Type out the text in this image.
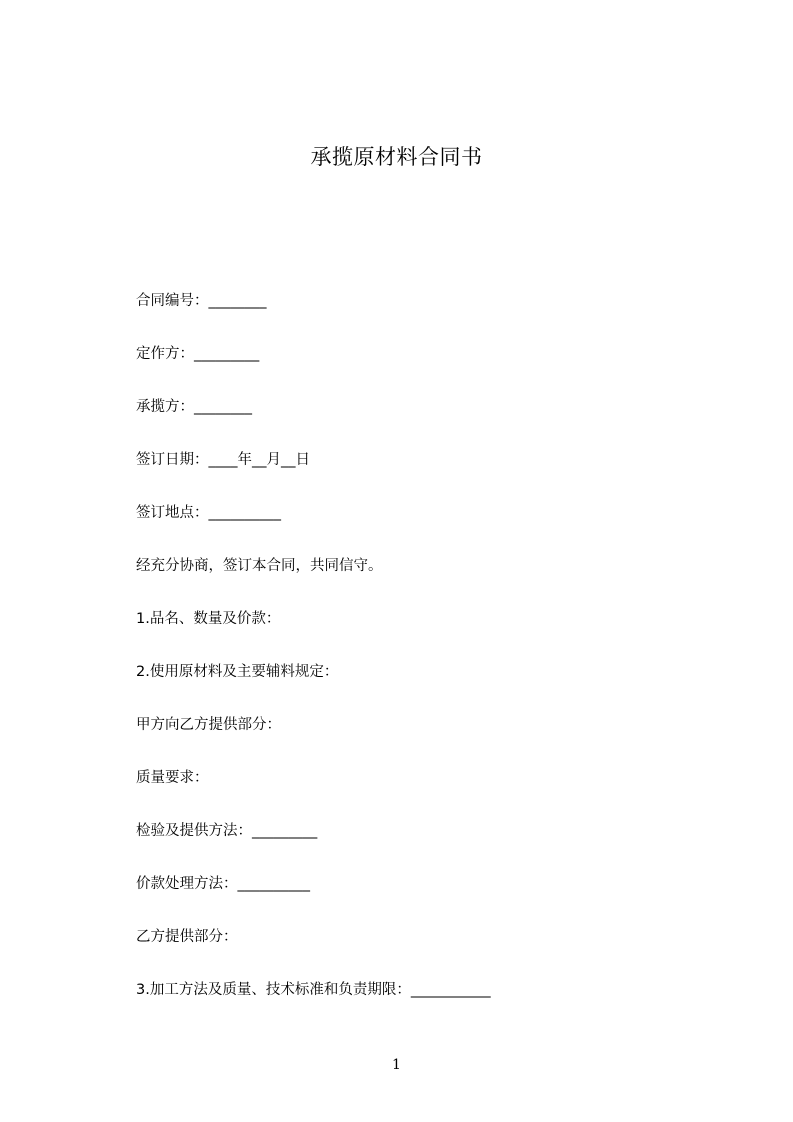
承揽原材料合同书
合同编号：________
定作方：_________
承揽方：________
签订日期：____年__月__日
签订地点：__________
经充分协商，签订本合同，共同信守。
1.品名、数量及价款：
2.使用原材料及主要辅料规定：
甲方向乙方提供部分：
质量要求：
检验及提供方法：_________
价款处理方法：__________
乙方提供部分：
3.加工方法及质量、技术标准和负责期限：___________
1
